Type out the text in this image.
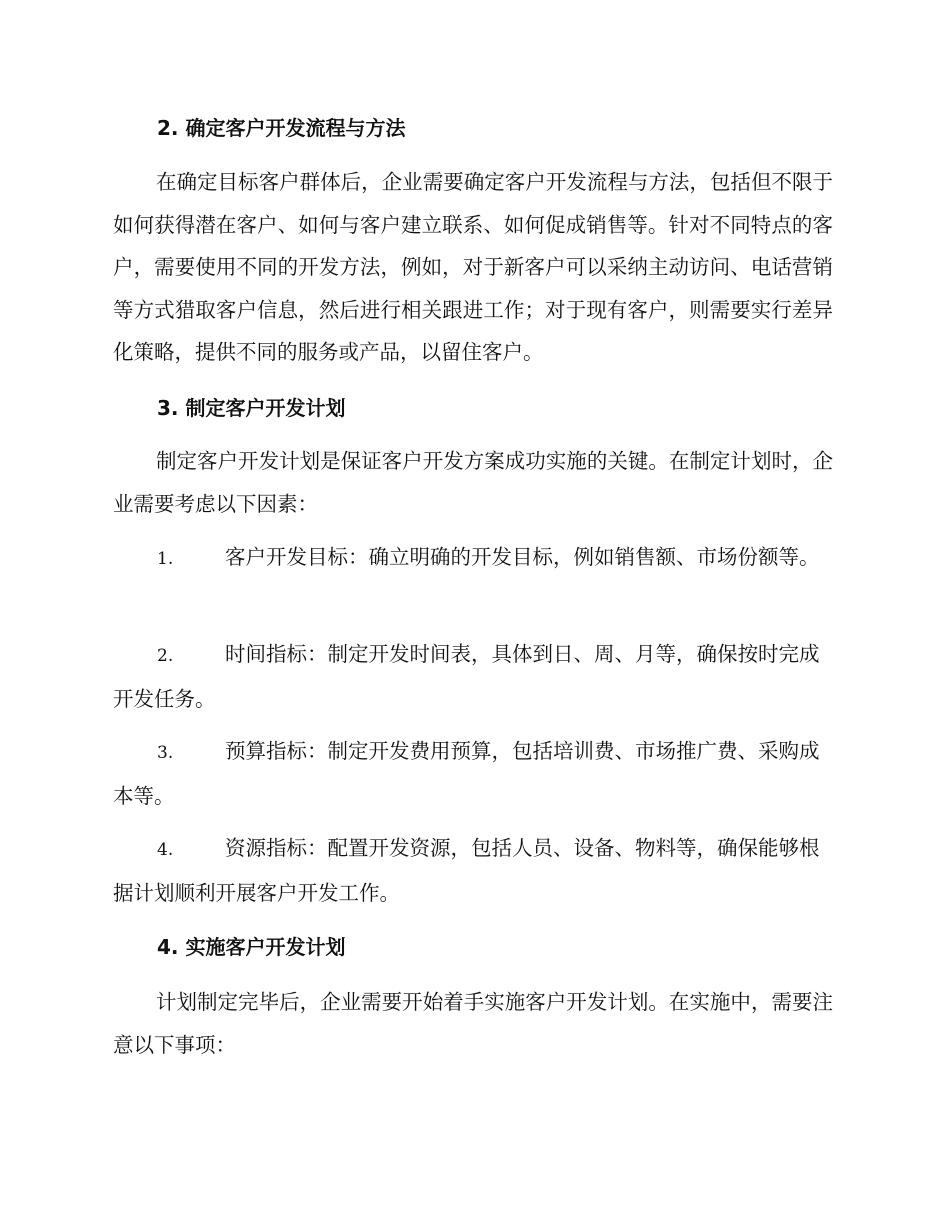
2. 确定客户开发流程与方法

在确定目标客户群体后，企业需要确定客户开发流程与方法，包括但不限于如何获得潜在客户、如何与客户建立联系、如何促成销售等。针对不同特点的客户，需要使用不同的开发方法，例如，对于新客户可以采纳主动访问、电话营销等方式猎取客户信息，然后进行相关跟进工作；对于现有客户，则需要实行差异化策略，提供不同的服务或产品，以留住客户。

3. 制定客户开发计划

制定客户开发计划是保证客户开发方案成功实施的关键。在制定计划时，企业需要考虑以下因素：

1.	客户开发目标：确立明确的开发目标，例如销售额、市场份额等。

2.	时间指标：制定开发时间表，具体到日、周、月等，确保按时完成开发任务。

3.	预算指标：制定开发费用预算，包括培训费、市场推广费、采购成本等。

4.	资源指标：配置开发资源，包括人员、设备、物料等，确保能够根据计划顺利开展客户开发工作。

4. 实施客户开发计划

计划制定完毕后，企业需要开始着手实施客户开发计划。在实施中，需要注意以下事项：
